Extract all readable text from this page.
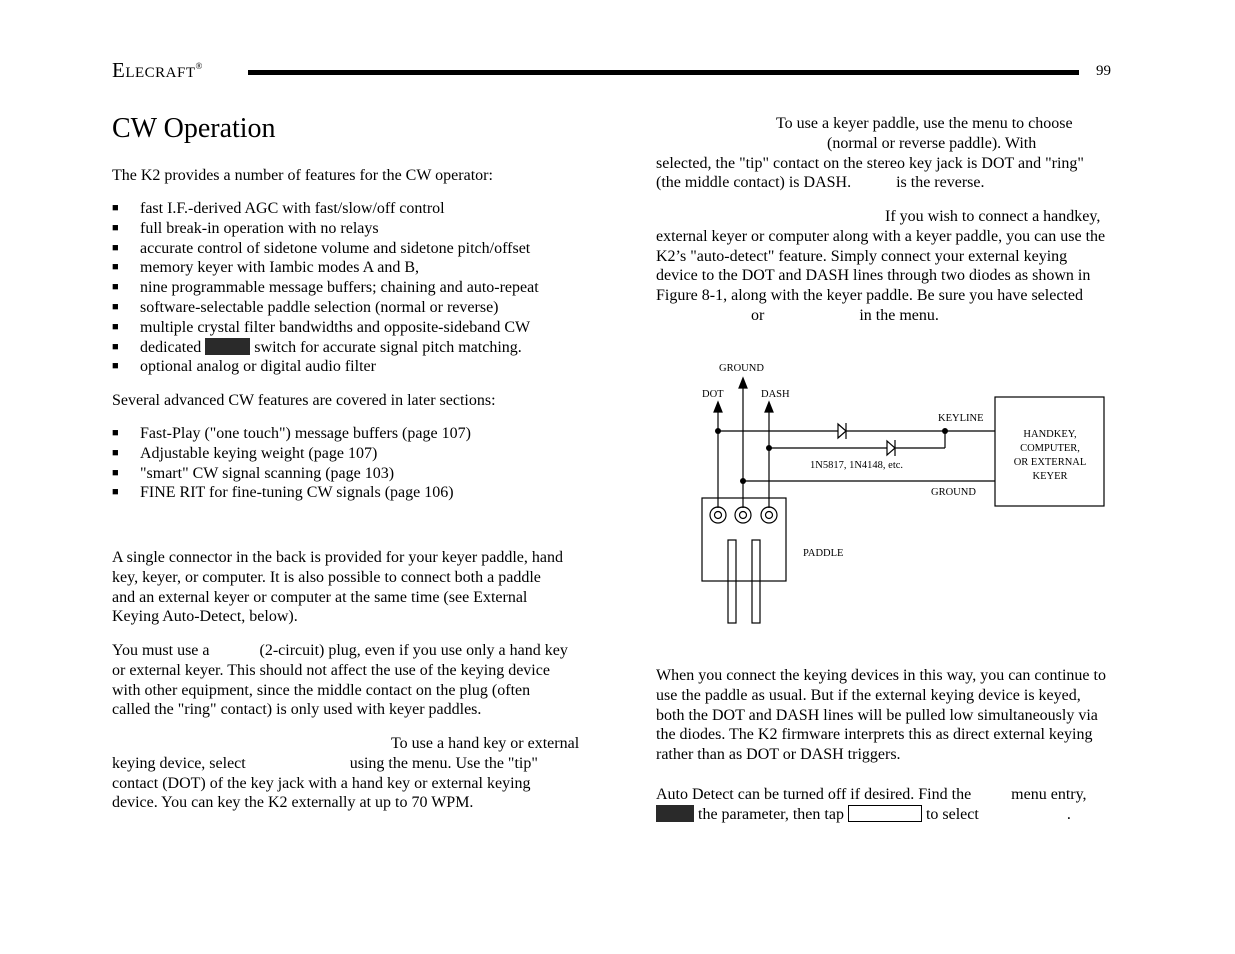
ELECRAFT®	99
CW Operation
The K2 provides a number of features for the CW operator:
■ fast I.F.-derived AGC with fast/slow/off control
■ full break-in operation with no relays
■ accurate control of sidetone volume and sidetone pitch/offset
■ memory keyer with Iambic modes A and B,
■ nine programmable message buffers; chaining and auto-repeat
■ software-selectable paddle selection (normal or reverse)
■ multiple crystal filter bandwidths and opposite-sideband CW
■ dedicated	switch for accurate signal pitch matching.
■ optional analog or digital audio filter
Several advanced CW features are covered in later sections:
■ Fast-Play ("one touch") message buffers (page 107)
■ Adjustable keying weight (page 107)
■ "smart" CW signal scanning (page 103)
■ FINE RIT for fine-tuning CW signals (page 106)
A single connector in the back is provided for your keyer paddle, hand
key, keyer, or computer. It is also possible to connect both a paddle
and an external keyer or computer at the same time (see External
Keying Auto-Detect, below).
You must use a	(2-circuit) plug, even if you use only a hand key
or external keyer. This should not affect the use of the keying device
with other equipment, since the middle contact on the plug (often
called the "ring" contact) is only used with keyer paddles.
To use a hand key or external
keying device, select	using the menu. Use the "tip"
contact (DOT) of the key jack with a hand key or external keying
device. You can key the K2 externally at up to 70 WPM.
To use a keyer paddle, use the menu to choose
(normal or reverse paddle). With
selected, the "tip" contact on the stereo key jack is DOT and "ring"
(the middle contact) is DASH.	is the reverse.
If you wish to connect a handkey,
external keyer or computer along with a keyer paddle, you can use the
K2’s "auto-detect" feature. Simply connect your external keying
device to the DOT and DASH lines through two diodes as shown in
Figure 8-1, along with the keyer paddle. Be sure you have selected
or	in the menu.
GROUND
DOT	DASH
KEYLINE
1N5817, 1N4148, etc.
GROUND
PADDLE
HANDKEY,
COMPUTER,
OR EXTERNAL
KEYER
When you connect the keying devices in this way, you can continue to
use the paddle as usual. But if the external keying device is keyed,
both the DOT and DASH lines will be pulled low simultaneously via
the diodes. The K2 firmware interprets this as direct external keying
rather than as DOT or DASH triggers.
Auto Detect can be turned off if desired. Find the	menu entry,
the parameter, then tap	to select	.
